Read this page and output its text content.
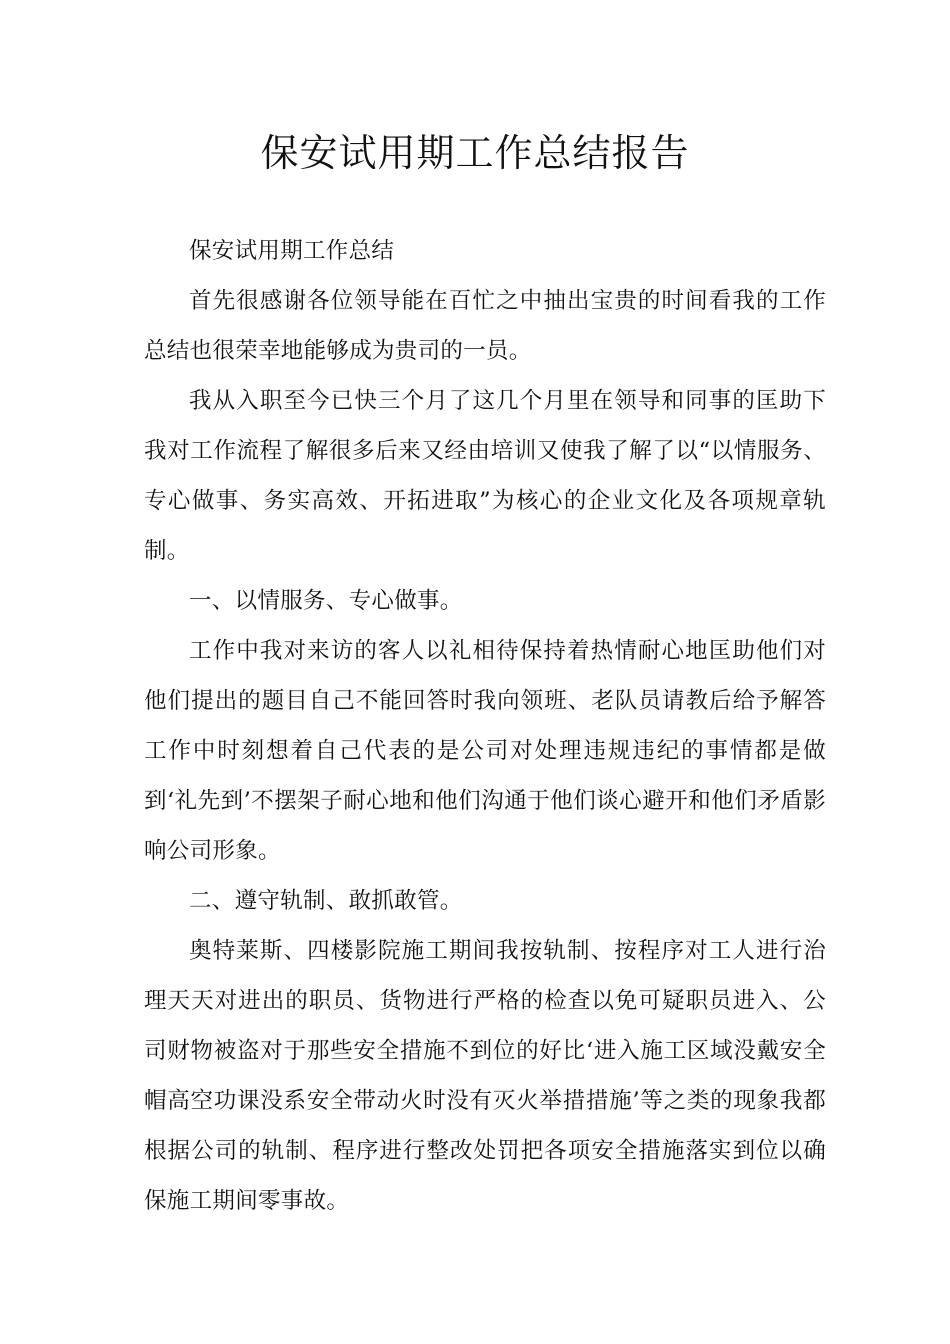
保安试用期工作总结报告

保安试用期工作总结

首先很感谢各位领导能在百忙之中抽出宝贵的时间看我的工作总结也很荣幸地能够成为贵司的一员。

我从入职至今已快三个月了这几个月里在领导和同事的匡助下我对工作流程了解很多后来又经由培训又使我了解了以“以情服务、专心做事、务实高效、开拓进取”为核心的企业文化及各项规章轨制。

一、以情服务、专心做事。

工作中我对来访的客人以礼相待保持着热情耐心地匡助他们对他们提出的题目自己不能回答时我向领班、老队员请教后给予解答工作中时刻想着自己代表的是公司对处理违规违纪的事情都是做到‘礼先到’不摆架子耐心地和他们沟通于他们谈心避开和他们矛盾影响公司形象。

二、遵守轨制、敢抓敢管。

奥特莱斯、四楼影院施工期间我按轨制、按程序对工人进行治理天天对进出的职员、货物进行严格的检查以免可疑职员进入、公司财物被盗对于那些安全措施不到位的好比‘进入施工区域没戴安全帽高空功课没系安全带动火时没有灭火举措措施’等之类的现象我都根据公司的轨制、程序进行整改处罚把各项安全措施落实到位以确保施工期间零事故。
